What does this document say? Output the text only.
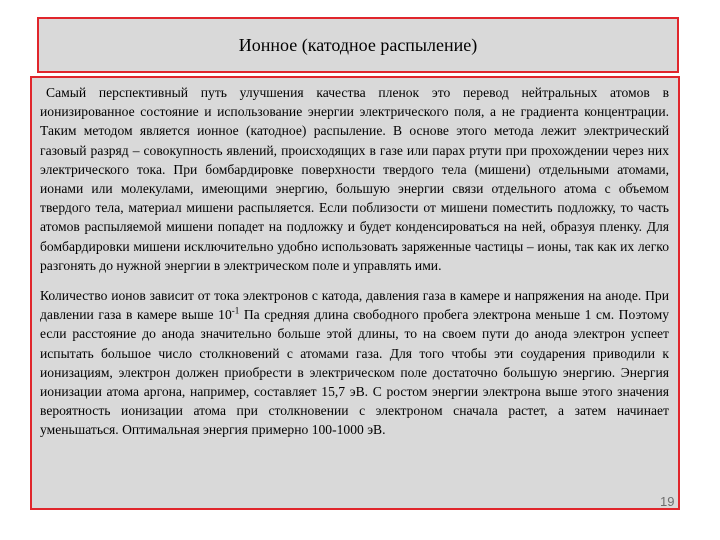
Ионное (катодное распыление)

Самый перспективный путь улучшения качества пленок это перевод нейтральных атомов в ионизированное состояние и использование энергии электрического поля, а не градиента концентрации. Таким методом является ионное (катодное) распыление. В основе этого метода лежит электрический газовый разряд – совокупность явлений, происходящих в газе или парах ртути при прохождении через них электрического тока. При бомбардировке поверхности твердого тела (мишени) отдельными атомами, ионами или молекулами, имеющими энергию, большую энергии связи отдельного атома с объемом твердого тела, материал мишени распыляется. Если поблизости от мишени поместить подложку, то часть атомов распыляемой мишени попадет на подложку и будет конденсироваться на ней, образуя пленку. Для бомбардировки мишени исключительно удобно использовать заряженные частицы – ионы, так как их легко разгонять до нужной энергии в электрическом поле и управлять ими.

Количество ионов зависит от тока электронов с катода, давления газа в камере и напряжения на аноде. При давлении газа в камере выше $10^{-1}$ Па средняя длина свободного пробега электрона меньше 1 см. Поэтому если расстояние до анода значительно больше этой длины, то на своем пути до анода электрон успеет испытать большое число столкновений с атомами газа. Для того чтобы эти соударения приводили к ионизациям, электрон должен приобрести в электрическом поле достаточно большую энергию. Энергия ионизации атома аргона, например, составляет 15,7 эВ. С ростом энергии электрона выше этого значения вероятность ионизации атома при столкновении с электроном сначала растет, а затем начинает уменьшаться. Оптимальная энергия примерно 100-1000 эВ.

19
